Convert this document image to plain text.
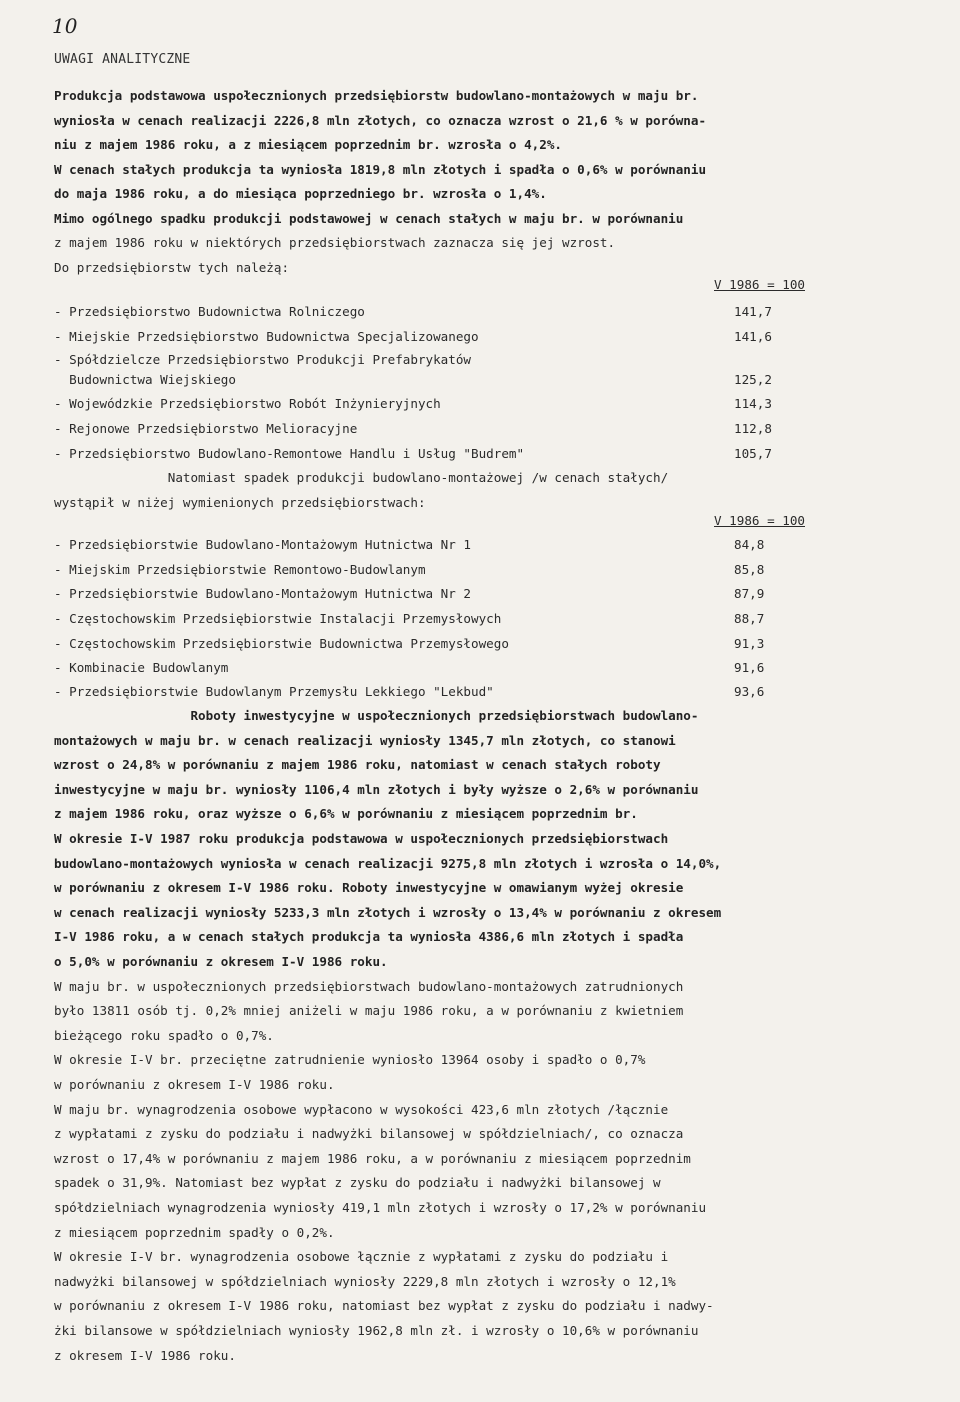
10
UWAGI ANALITYCZNE
Produkcja podstawowa uspołecznionych przedsiębiorstw budowlano-montażowych w maju br.
wyniosła w cenach realizacji 2226,8 mln złotych, co oznacza wzrost o 21,6 % w porówna-
niu z majem 1986 roku, a z miesiącem poprzednim br. wzrosła o 4,2%.
W cenach stałych produkcja ta wyniosła 1819,8 mln złotych i spadła o 0,6% w porównaniu
do maja 1986 roku, a do miesiąca poprzedniego br. wzrosła o 1,4%.
Mimo ogólnego spadku produkcji podstawowej w cenach stałych w maju br. w porównaniu
z majem 1986 roku w niektórych przedsiębiorstwach zaznacza się jej wzrost.
Do przedsiębiorstw tych należą:
V 1986 = 100
- Przedsiębiorstwo Budownictwa Rolniczego	141,7
- Miejskie Przedsiębiorstwo Budownictwa Specjalizowanego	141,6
- Spółdzielcze Przedsiębiorstwo Produkcji Prefabrykatów
Budownictwa Wiejskiego	125,2
- Wojewódzkie Przedsiębiorstwo Robót Inżynieryjnych	114,3
- Rejonowe Przedsiębiorstwo Melioracyjne	112,8
- Przedsiębiorstwo Budowlano-Remontowe Handlu i Usług "Budrem"	105,7
Natomiast spadek produkcji budowlano-montażowej /w cenach stałych/
wystąpił w niżej wymienionych przedsiębiorstwach:
V 1986 = 100
- Przedsiębiorstwie Budowlano-Montażowym Hutnictwa Nr 1	84,8
- Miejskim Przedsiębiorstwie Remontowo-Budowlanym	85,8
- Przedsiębiorstwie Budowlano-Montażowym Hutnictwa Nr 2	87,9
- Częstochowskim Przedsiębiorstwie Instalacji Przemysłowych	88,7
- Częstochowskim Przedsiębiorstwie Budownictwa Przemysłowego	91,3
- Kombinacie Budowlanym	91,6
- Przedsiębiorstwie Budowlanym Przemysłu Lekkiego "Lekbud"	93,6
Roboty inwestycyjne w uspołecznionych przedsiębiorstwach budowlano-
montażowych w maju br. w cenach realizacji wyniosły 1345,7 mln złotych, co stanowi
wzrost o 24,8% w porównaniu z majem 1986 roku, natomiast w cenach stałych roboty
inwestycyjne w maju br. wyniosły 1106,4 mln złotych i były wyższe o 2,6% w porównaniu
z majem 1986 roku, oraz wyższe o 6,6% w porównaniu z miesiącem poprzednim br.
W okresie I-V 1987 roku produkcja podstawowa w uspołecznionych przedsiębiorstwach
budowlano-montażowych wyniosła w cenach realizacji 9275,8 mln złotych i wzrosła o 14,0%,
w porównaniu z okresem I-V 1986 roku. Roboty inwestycyjne w omawianym wyżej okresie
w cenach realizacji wyniosły 5233,3 mln złotych i wzrosły o 13,4% w porównaniu z okresem
I-V 1986 roku, a w cenach stałych produkcja ta wyniosła 4386,6 mln złotych i spadła
o 5,0% w porównaniu z okresem I-V 1986 roku.
W maju br. w uspołecznionych przedsiębiorstwach budowlano-montażowych zatrudnionych
było 13811 osób tj. 0,2% mniej aniżeli w maju 1986 roku, a w porównaniu z kwietniem
bieżącego roku spadło o 0,7%.
W okresie I-V br. przeciętne zatrudnienie wyniosło 13964 osoby i spadło o 0,7%
w porównaniu z okresem I-V 1986 roku.
W maju br. wynagrodzenia osobowe wypłacono w wysokości 423,6 mln złotych /łącznie
z wypłatami z zysku do podziału i nadwyżki bilansowej w spółdzielniach/, co oznacza
wzrost o 17,4% w porównaniu z majem 1986 roku, a w porównaniu z miesiącem poprzednim
spadek o 31,9%. Natomiast bez wypłat z zysku do podziału i nadwyżki bilansowej w
spółdzielniach wynagrodzenia wyniosły 419,1 mln złotych i wzrosły o 17,2% w porównaniu
z miesiącem poprzednim spadły o 0,2%.
W okresie I-V br. wynagrodzenia osobowe łącznie z wypłatami z zysku do podziału i
nadwyżki bilansowej w spółdzielniach wyniosły 2229,8 mln złotych i wzrosły o 12,1%
w porównaniu z okresem I-V 1986 roku, natomiast bez wypłat z zysku do podziału i nadwy-
żki bilansowe w spółdzielniach wyniosły 1962,8 mln zł. i wzrosły o 10,6% w porównaniu
z okresem I-V 1986 roku.
